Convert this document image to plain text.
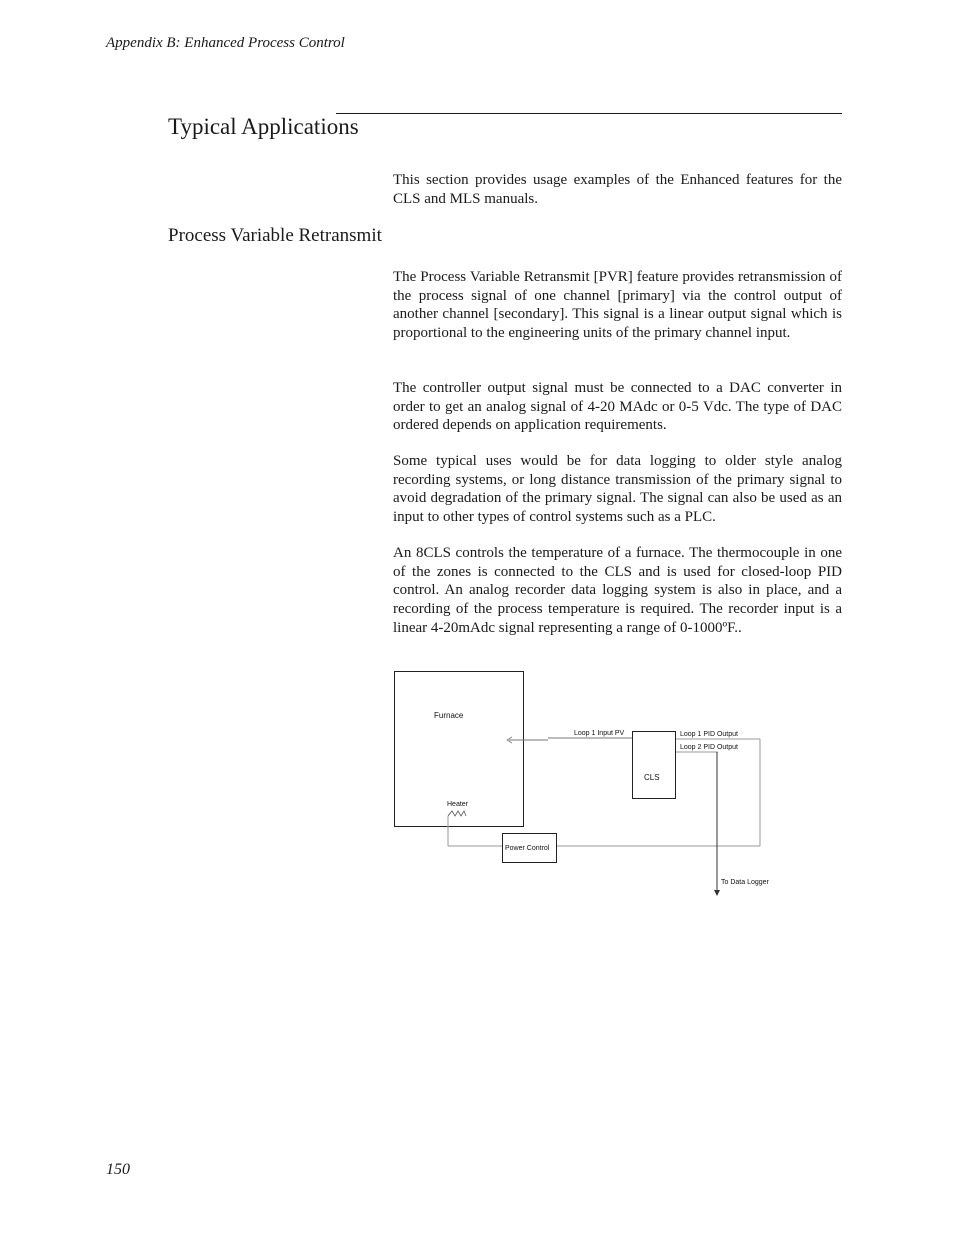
Appendix B: Enhanced Process Control
Typical Applications

This section provides usage examples of the Enhanced features for the CLS and MLS manuals.

Process Variable Retransmit

The Process Variable Retransmit [PVR] feature provides retransmission of the process signal of one channel [primary] via the control output of another channel [secondary]. This signal is a linear output signal which is proportional to the engineering units of the primary channel input.

The controller output signal must be connected to a DAC converter in order to get an analog signal of 4-20 MAdc or 0-5 Vdc. The type of DAC ordered depends on application requirements.

Some typical uses would be for data logging to older style analog recording systems, or long distance transmission of the primary signal to avoid degradation of the primary signal. The signal can also be used as an input to other types of control systems such as a PLC.

An 8CLS controls the temperature of a furnace. The thermocouple in one of the zones is connected to the CLS and is used for closed-loop PID control. An analog recorder data logging system is also in place, and a recording of the process temperature is required. The recorder input is a linear 4-20mAdc signal representing a range of 0-1000ºF..

Furnace
Heater
Loop 1 Input PV
CLS
Loop 1 PID Output
Loop 2 PID Output
To Data Logger
Power Control
150
